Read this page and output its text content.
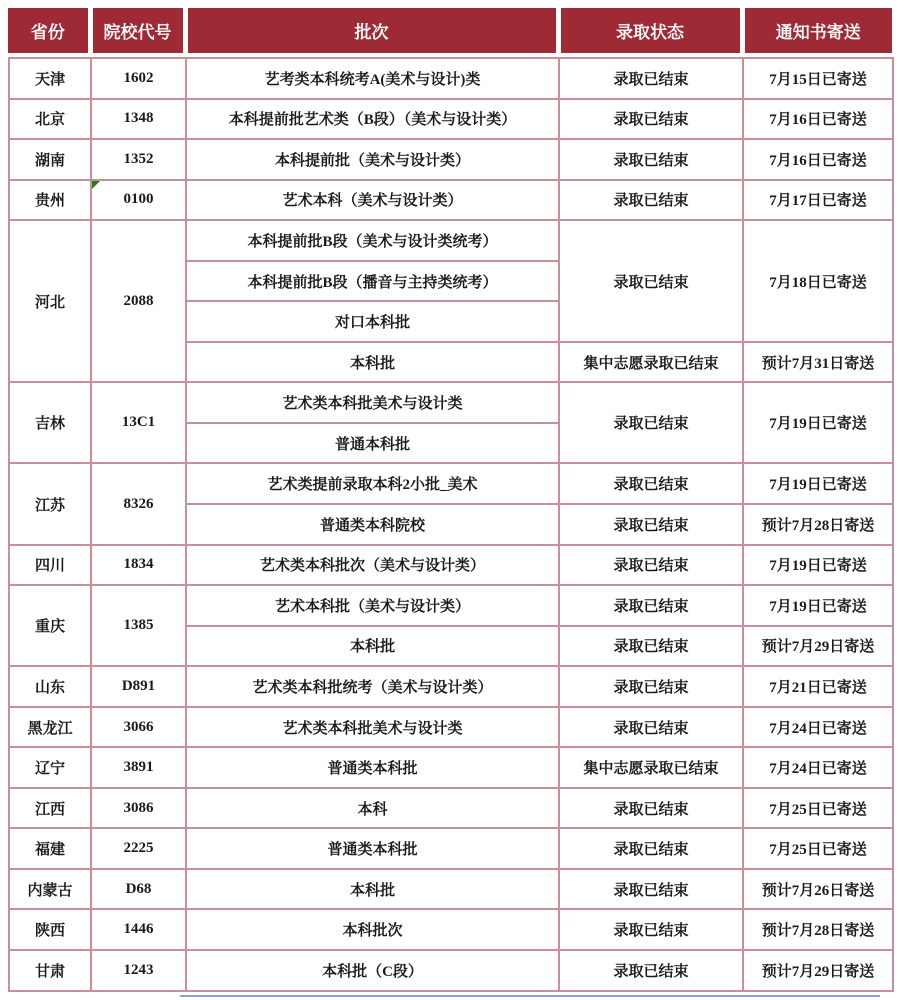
省份	院校代号	批次	录取状态	通知书寄送
天津	1602	艺考类本科统考A(美术与设计)类	录取已结束	7月15日已寄送
北京	1348	本科提前批艺术类（B段）（美术与设计类）	录取已结束	7月16日已寄送
湖南	1352	本科提前批（美术与设计类）	录取已结束	7月16日已寄送
贵州	0100	艺术本科（美术与设计类）	录取已结束	7月17日已寄送
河北	2088	本科提前批B段（美术与设计类统考）	录取已结束	7月18日已寄送
		本科提前批B段（播音与主持类统考）		
		对口本科批		
		本科批	集中志愿录取已结束	预计7月31日寄送
吉林	13C1	艺术类本科批美术与设计类	录取已结束	7月19日已寄送
		普通本科批		
江苏	8326	艺术类提前录取本科2小批_美术	录取已结束	7月19日已寄送
		普通类本科院校	录取已结束	预计7月28日寄送
四川	1834	艺术类本科批次（美术与设计类）	录取已结束	7月19日已寄送
重庆	1385	艺术本科批（美术与设计类）	录取已结束	7月19日已寄送
		本科批	录取已结束	预计7月29日寄送
山东	D891	艺术类本科批统考（美术与设计类）	录取已结束	7月21日已寄送
黑龙江	3066	艺术类本科批美术与设计类	录取已结束	7月24日已寄送
辽宁	3891	普通类本科批	集中志愿录取已结束	7月24日已寄送
江西	3086	本科	录取已结束	7月25日已寄送
福建	2225	普通类本科批	录取已结束	7月25日已寄送
内蒙古	D68	本科批	录取已结束	预计7月26日寄送
陕西	1446	本科批次	录取已结束	预计7月28日寄送
甘肃	1243	本科批（C段）	录取已结束	预计7月29日寄送
